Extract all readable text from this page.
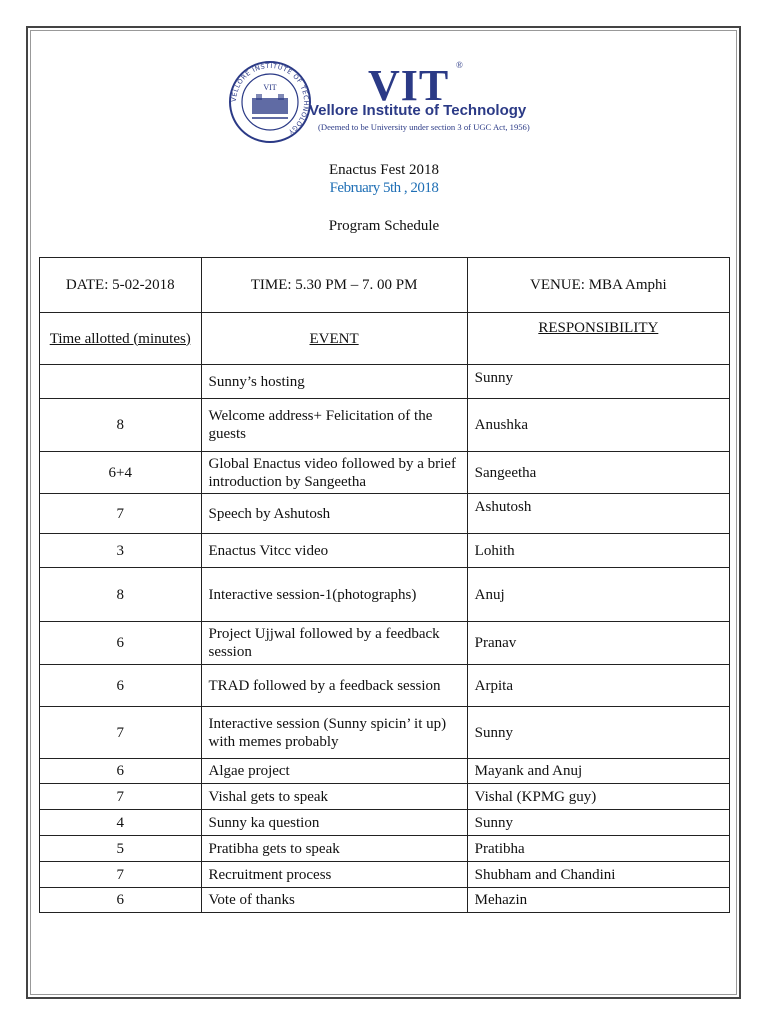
VELLORE INSTITUTE OF TECHNOLOGY
VIT VIT ®
Vellore Institute of Technology
(Deemed to be University under section 3 of UGC Act, 1956)
Enactus Fest 2018
February 5th , 2018
Program Schedule
DATE: 5-02-2018	TIME: 5.30 PM – 7. 00 PM	VENUE: MBA Amphi
Time allotted (minutes)	EVENT	RESPONSIBILITY
	Sunny’s hosting	Sunny
8	Welcome address+ Felicitation of the guests	Anushka
6+4	Global Enactus video followed by a brief introduction by Sangeetha	Sangeetha
7	Speech by Ashutosh	Ashutosh
3	Enactus Vitcc video	Lohith
8	Interactive session-1(photographs)	Anuj
6	Project Ujjwal followed by a feedback session	Pranav
6	TRAD followed by a feedback session	Arpita
7	Interactive session (Sunny spicin’ it up) with memes probably	Sunny
6	Algae project	Mayank and Anuj
7	Vishal gets to speak	Vishal (KPMG guy)
4	Sunny ka question	Sunny
5	Pratibha gets to speak	Pratibha
7	Recruitment process	Shubham and Chandini
6	Vote of thanks	Mehazin
